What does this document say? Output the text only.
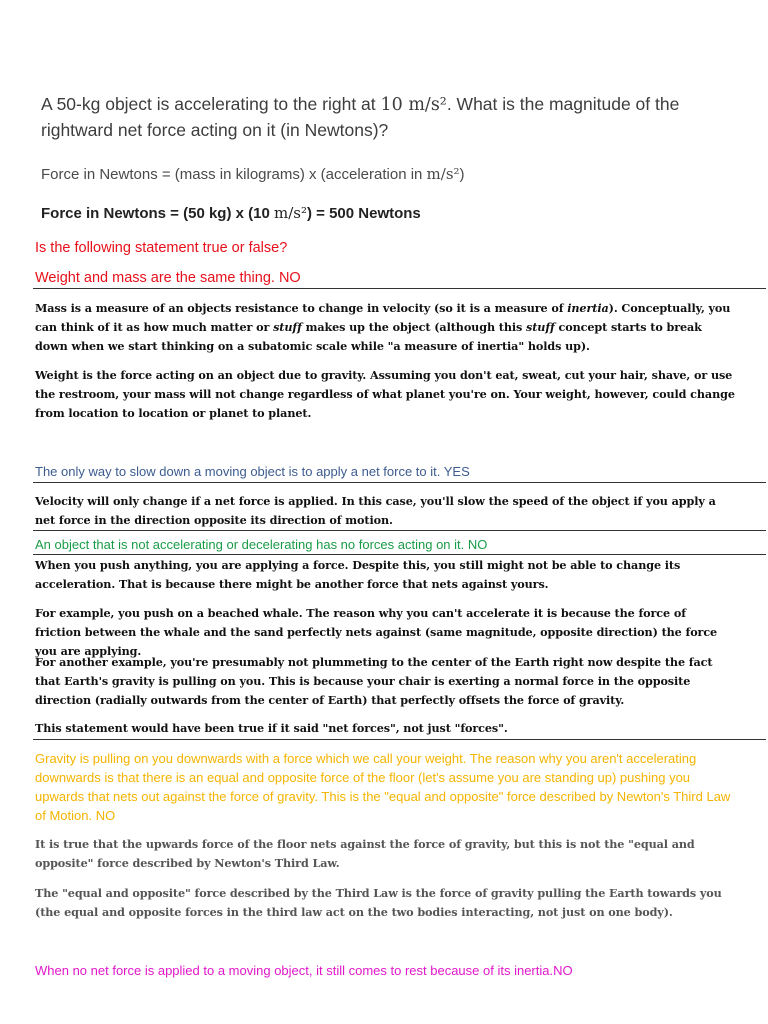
A 50-kg object is accelerating to the right at 10 m/s². What is the magnitude of the rightward net force acting on it (in Newtons)?
Force in Newtons = (mass in kilograms) x (acceleration in m/s²)
Force in Newtons = (50 kg) x (10 m/s²) = 500 Newtons
Is the following statement true or false?
Weight and mass are the same thing. NO
Mass is a measure of an objects resistance to change in velocity (so it is a measure of inertia). Conceptually, you can think of it as how much matter or stuff makes up the object (although this stuff concept starts to break down when we start thinking on a subatomic scale while "a measure of inertia" holds up).
Weight is the force acting on an object due to gravity. Assuming you don't eat, sweat, cut your hair, shave, or use the restroom, your mass will not change regardless of what planet you're on. Your weight, however, could change from location to location or planet to planet.
The only way to slow down a moving object is to apply a net force to it. YES
Velocity will only change if a net force is applied. In this case, you'll slow the speed of the object if you apply a net force in the direction opposite its direction of motion.
An object that is not accelerating or decelerating has no forces acting on it. NO
When you push anything, you are applying a force. Despite this, you still might not be able to change its acceleration. That is because there might be another force that nets against yours.
For example, you push on a beached whale. The reason why you can't accelerate it is because the force of friction between the whale and the sand perfectly nets against (same magnitude, opposite direction) the force you are applying.
For another example, you're presumably not plummeting to the center of the Earth right now despite the fact that Earth's gravity is pulling on you. This is because your chair is exerting a normal force in the opposite direction (radially outwards from the center of Earth) that perfectly offsets the force of gravity.
This statement would have been true if it said "net forces", not just "forces".
Gravity is pulling on you downwards with a force which we call your weight. The reason why you aren't accelerating downwards is that there is an equal and opposite force of the floor (let's assume you are standing up) pushing you upwards that nets out against the force of gravity. This is the "equal and opposite" force described by Newton's Third Law of Motion. NO
It is true that the upwards force of the floor nets against the force of gravity, but this is not the "equal and opposite" force described by Newton's Third Law.
The "equal and opposite" force described by the Third Law is the force of gravity pulling the Earth towards you (the equal and opposite forces in the third law act on the two bodies interacting, not just on one body).
When no net force is applied to a moving object, it still comes to rest because of its inertia.NO
